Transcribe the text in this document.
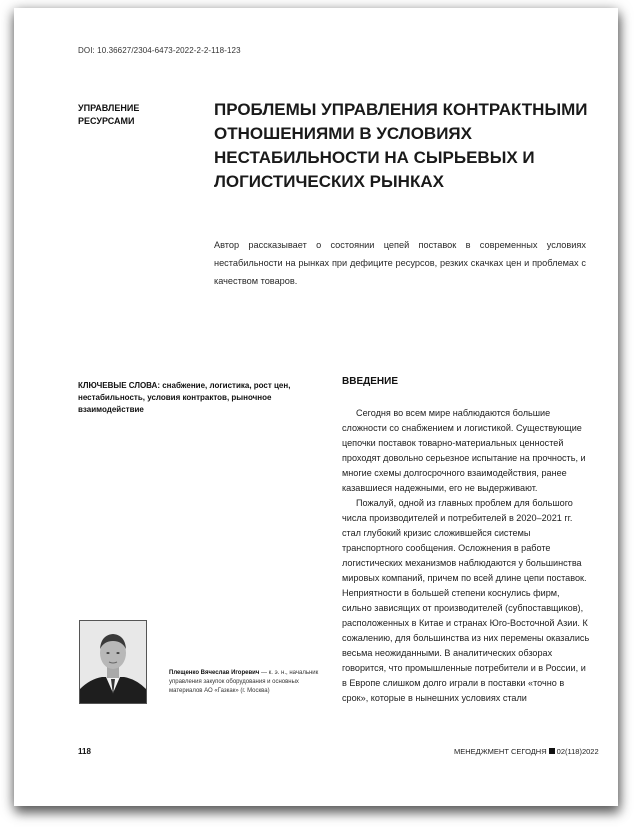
DOI: 10.36627/2304-6473-2022-2-2-118-123
УПРАВЛЕНИЕ РЕСУРСАМИ
ПРОБЛЕМЫ УПРАВЛЕНИЯ КОНТРАКТНЫМИ ОТНОШЕНИЯМИ В УСЛОВИЯХ НЕСТАБИЛЬНОСТИ НА СЫРЬЕВЫХ И ЛОГИСТИЧЕСКИХ РЫНКАХ
Автор рассказывает о состоянии цепей поставок в современных условиях нестабильности на рынках при дефиците ресурсов, резких скачках цен и проблемах с качеством товаров.
КЛЮЧЕВЫЕ СЛОВА: снабжение, логистика, рост цен, нестабильность, условия контрактов, рыночное взаимодействие
Плещенко Вячеслав Игоревич — к. э. н., начальник управления закупок оборудования и основных материалов АО «Газкак» (г. Москва)
ВВЕДЕНИЕ

Сегодня во всем мире наблюдаются большие сложности со снабжением и логистикой. Существующие цепочки поставок товарно-материальных ценностей проходят довольно серьезное испытание на прочность, и многие схемы долгосрочного взаимодействия, ранее казавшиеся надежными, его не выдерживают.

Пожалуй, одной из главных проблем для большого числа производителей и потребителей в 2020–2021 гг. стал глубокий кризис сложившейся системы транспортного сообщения. Осложнения в работе логистических механизмов наблюдаются у большинства мировых компаний, причем по всей длине цепи поставок. Неприятности в большей степени коснулись фирм, сильно зависящих от производителей (субпоставщиков), расположенных в Китае и странах Юго-Восточной Азии. К сожалению, для большинства из них перемены оказались весьма неожиданными. В аналитических обзорах говорится, что промышленные потребители и в России, и в Европе слишком долго играли в поставки «точно в срок», которые в нынешних условиях стали

118	МЕНЕДЖМЕНТ СЕГОДНЯ 02(118)2022
